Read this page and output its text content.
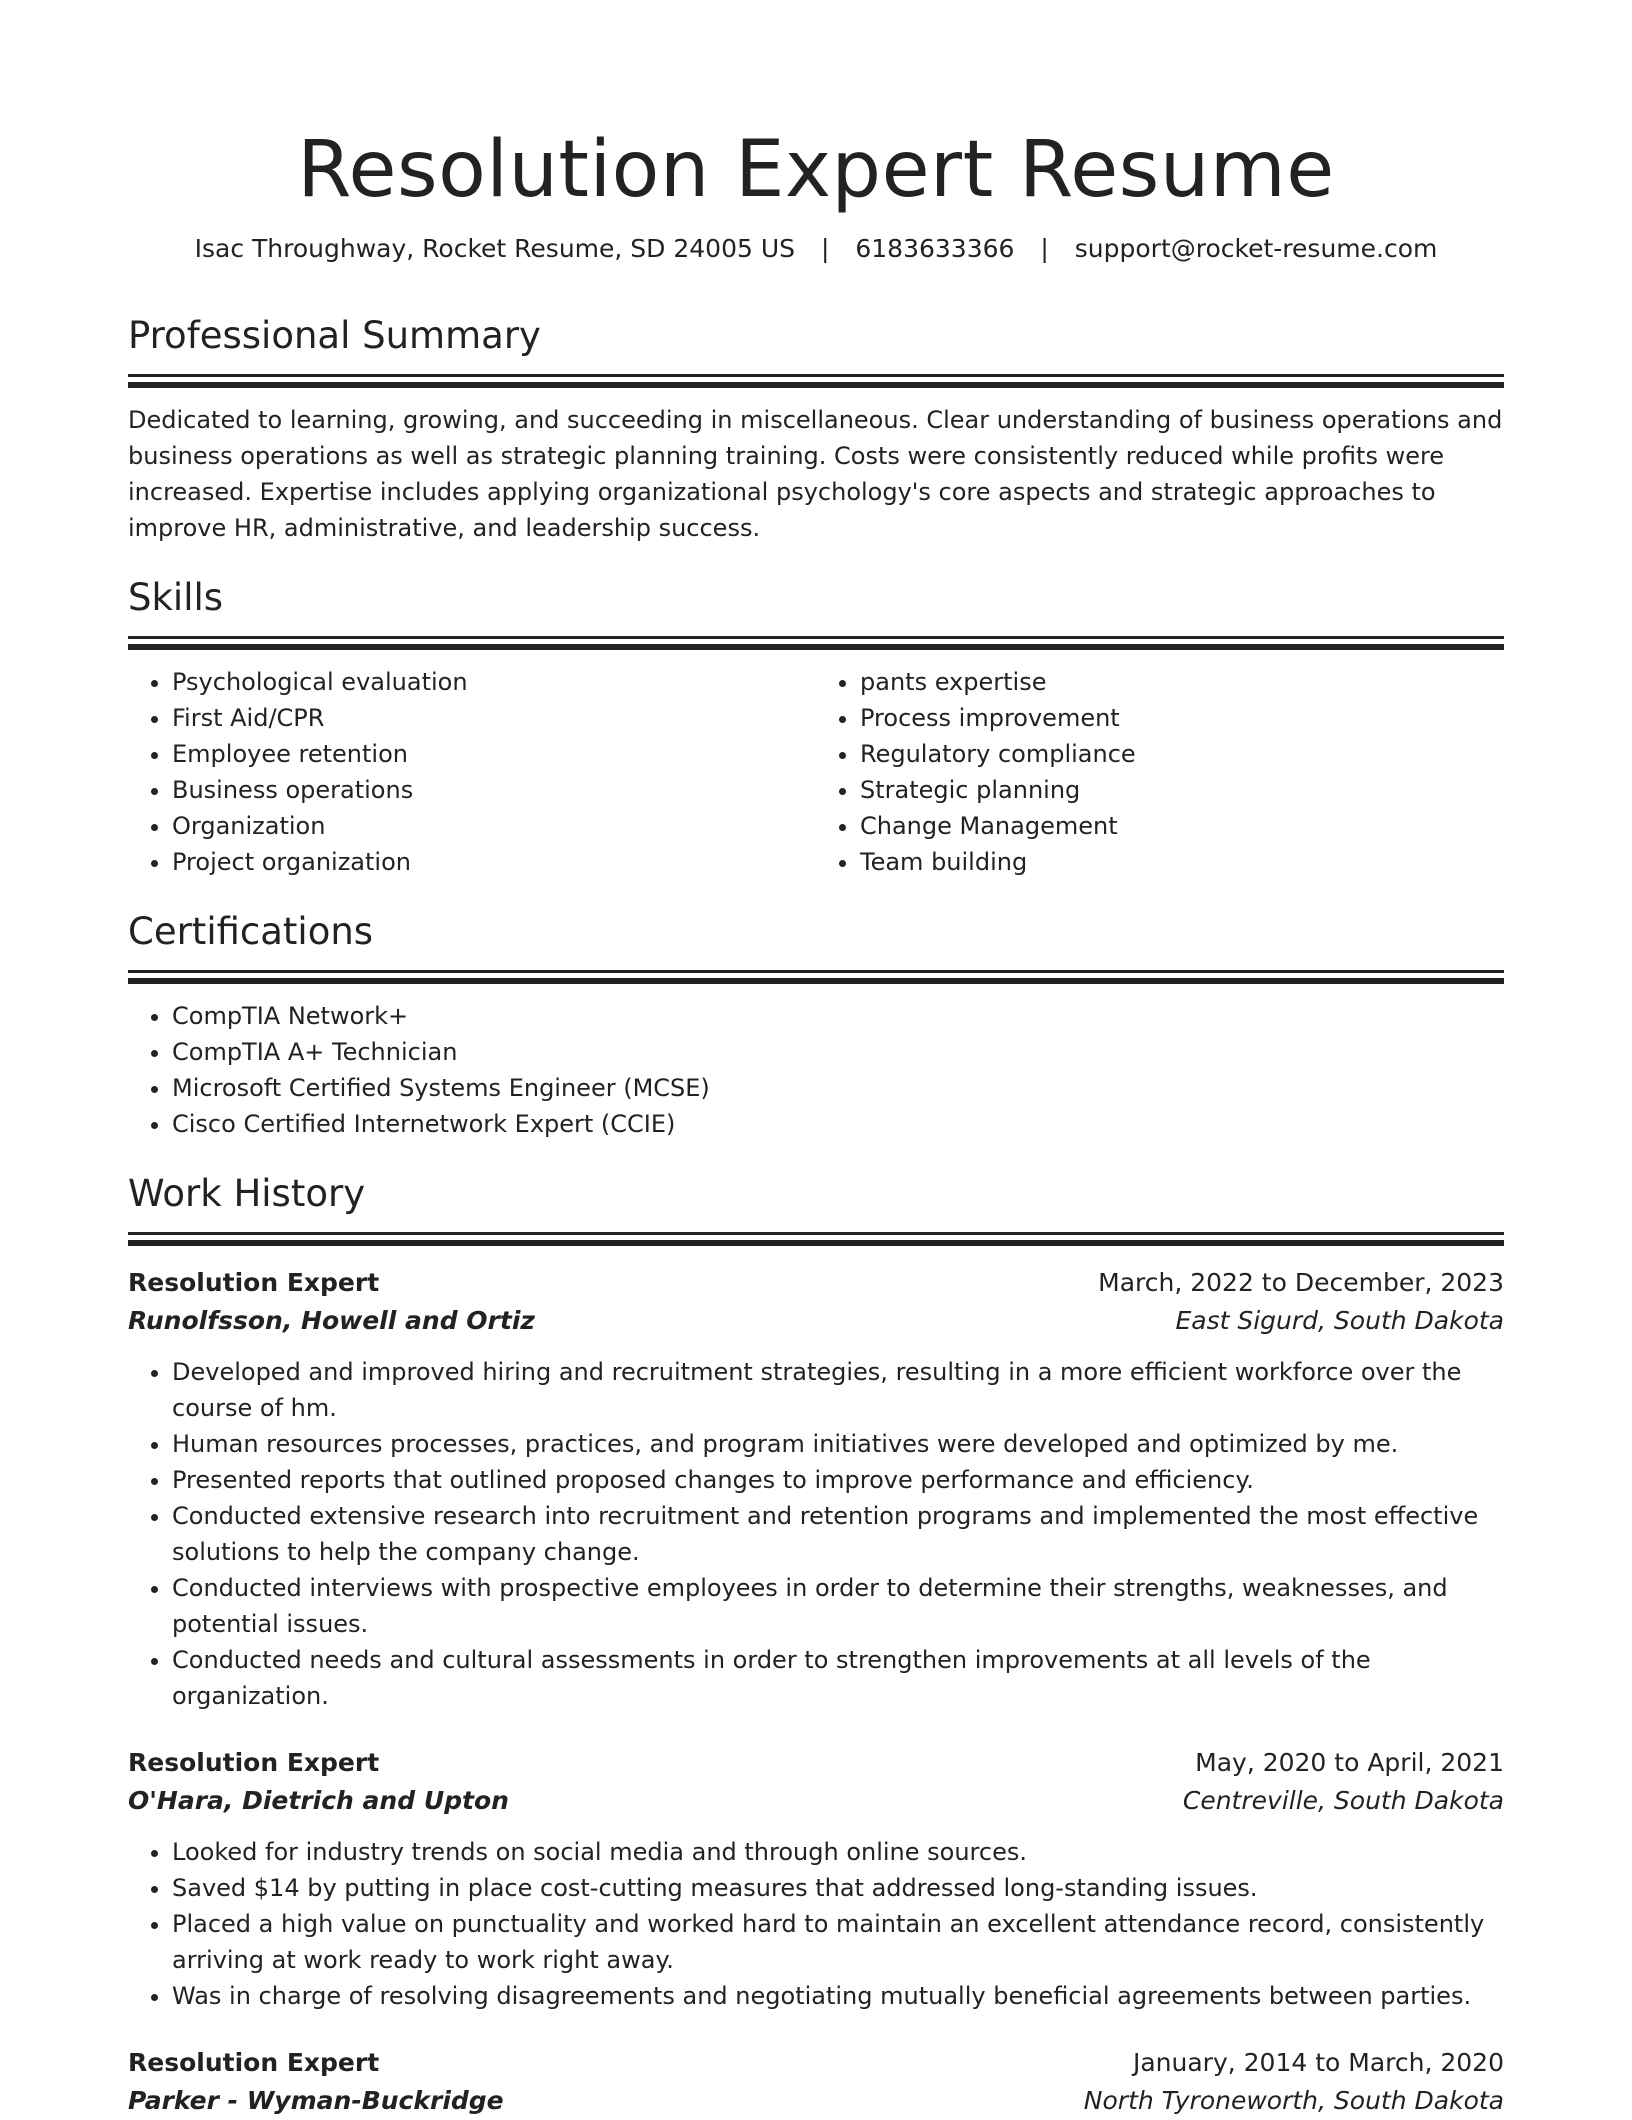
Resolution Expert Resume
Isac Throughway, Rocket Resume, SD 24005 US | 6183633366 | support@rocket-resume.com
Professional Summary

Dedicated to learning, growing, and succeeding in miscellaneous. Clear understanding of business operations and business operations as well as strategic planning training. Costs were consistently reduced while profits were increased. Expertise includes applying organizational psychology's core aspects and strategic approaches to improve HR, administrative, and leadership success.

Skills
• Psychological evaluation
• First Aid/CPR
• Employee retention
• Business operations
• Organization
• Project organization
• pants expertise
• Process improvement
• Regulatory compliance
• Strategic planning
• Change Management
• Team building
Certifications
• CompTIA Network+
• CompTIA A+ Technician
• Microsoft Certified Systems Engineer (MCSE)
• Cisco Certified Internetwork Expert (CCIE)
Work History
Resolution Expert	March, 2022 to December, 2023
Runolfsson, Howell and Ortiz	East Sigurd, South Dakota
• Developed and improved hiring and recruitment strategies, resulting in a more efficient workforce over the course of hm.
• Human resources processes, practices, and program initiatives were developed and optimized by me.
• Presented reports that outlined proposed changes to improve performance and efficiency.
• Conducted extensive research into recruitment and retention programs and implemented the most effective solutions to help the company change.
• Conducted interviews with prospective employees in order to determine their strengths, weaknesses, and potential issues.
• Conducted needs and cultural assessments in order to strengthen improvements at all levels of the organization.
Resolution Expert	May, 2020 to April, 2021
O'Hara, Dietrich and Upton	Centreville, South Dakota
• Looked for industry trends on social media and through online sources.
• Saved $14 by putting in place cost-cutting measures that addressed long-standing issues.
• Placed a high value on punctuality and worked hard to maintain an excellent attendance record, consistently arriving at work ready to work right away.
• Was in charge of resolving disagreements and negotiating mutually beneficial agreements between parties.
Resolution Expert	January, 2014 to March, 2020
Parker - Wyman-Buckridge	North Tyroneworth, South Dakota
